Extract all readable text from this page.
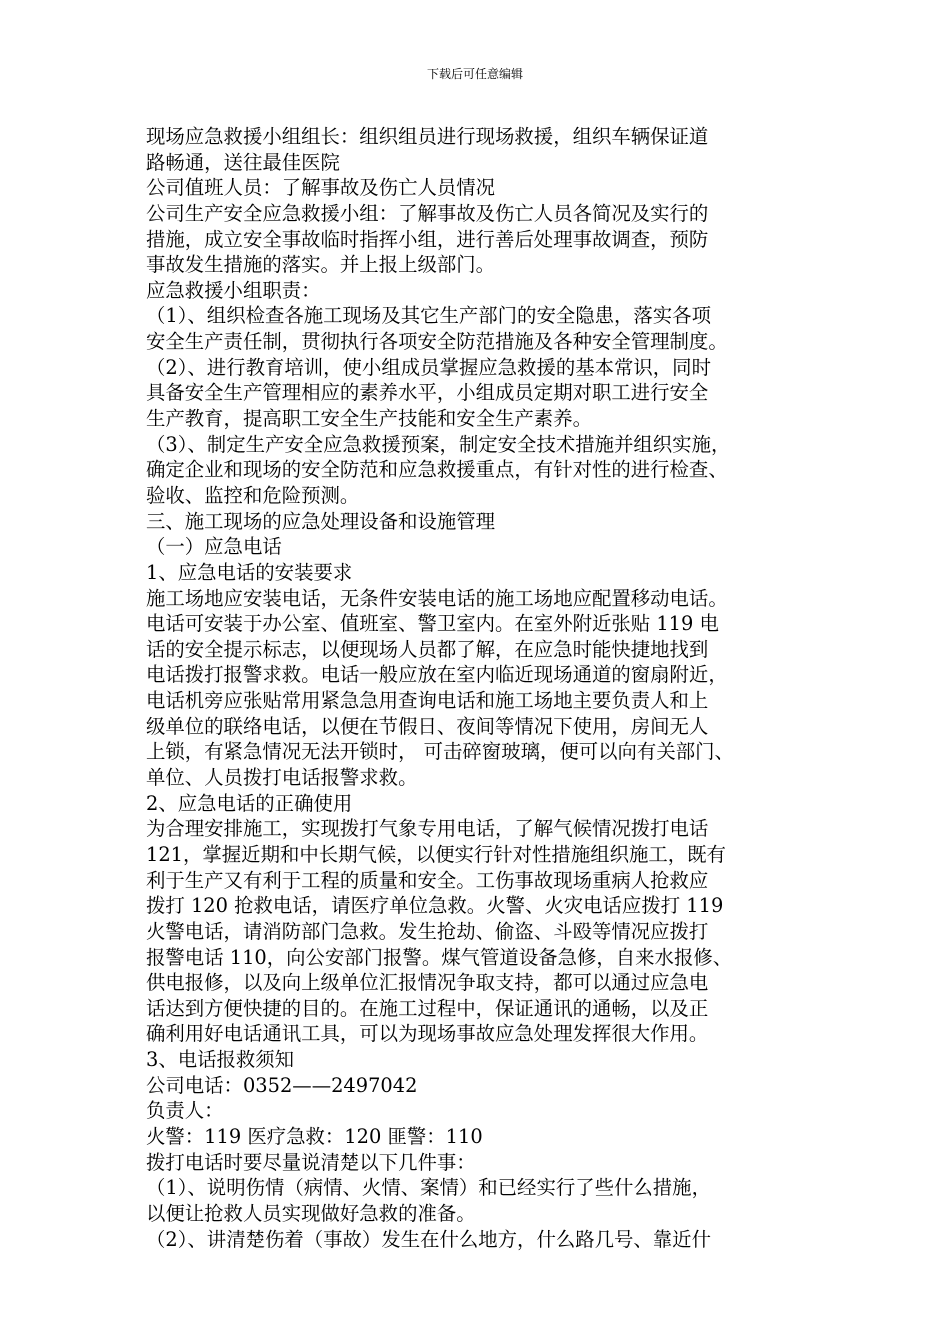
下载后可任意编辑
现场应急救援小组组长：组织组员进行现场救援，组织车辆保证道
路畅通，送往最佳医院
公司值班人员：了解事故及伤亡人员情况
公司生产安全应急救援小组：了解事故及伤亡人员各简况及实行的
措施，成立安全事故临时指挥小组，进行善后处理事故调查，预防
事故发生措施的落实。并上报上级部门。
应急救援小组职责：
（1）、组织检查各施工现场及其它生产部门的安全隐患，落实各项
安全生产责任制，贯彻执行各项安全防范措施及各种安全管理制度。
（2）、进行教育培训，使小组成员掌握应急救援的基本常识，同时
具备安全生产管理相应的素养水平，小组成员定期对职工进行安全
生产教育，提高职工安全生产技能和安全生产素养。
（3）、制定生产安全应急救援预案，制定安全技术措施并组织实施，
确定企业和现场的安全防范和应急救援重点，有针对性的进行检查、
验收、监控和危险预测。
三、施工现场的应急处理设备和设施管理
（一）应急电话
1、应急电话的安装要求
施工场地应安装电话，无条件安装电话的施工场地应配置移动电话。
电话可安装于办公室、值班室、警卫室内。在室外附近张贴 119 电
话的安全提示标志，以便现场人员都了解，在应急时能快捷地找到
电话拨打报警求救。电话一般应放在室内临近现场通道的窗扇附近，
电话机旁应张贴常用紧急急用查询电话和施工场地主要负责人和上
级单位的联络电话，以便在节假日、夜间等情况下使用，房间无人
上锁，有紧急情况无法开锁时， 可击碎窗玻璃，便可以向有关部门、
单位、人员拨打电话报警求救。
2、应急电话的正确使用
为合理安排施工，实现拨打气象专用电话，了解气候情况拨打电话
121，掌握近期和中长期气候，以便实行针对性措施组织施工，既有
利于生产又有利于工程的质量和安全。工伤事故现场重病人抢救应
拨打 120 抢救电话，请医疗单位急救。火警、火灾电话应拨打 119
火警电话，请消防部门急救。发生抢劫、偷盗、斗殴等情况应拨打
报警电话 110，向公安部门报警。煤气管道设备急修，自来水报修、
供电报修，以及向上级单位汇报情况争取支持，都可以通过应急电
话达到方便快捷的目的。在施工过程中，保证通讯的通畅，以及正
确利用好电话通讯工具，可以为现场事故应急处理发挥很大作用。
3、电话报救须知
公司电话：0352——2497042
负责人：
火警：119 医疗急救：120 匪警：110
拨打电话时要尽量说清楚以下几件事：
（1）、说明伤情（病情、火情、案情）和已经实行了些什么措施，
以便让抢救人员实现做好急救的准备。
（2）、讲清楚伤着（事故）发生在什么地方，什么路几号、靠近什
